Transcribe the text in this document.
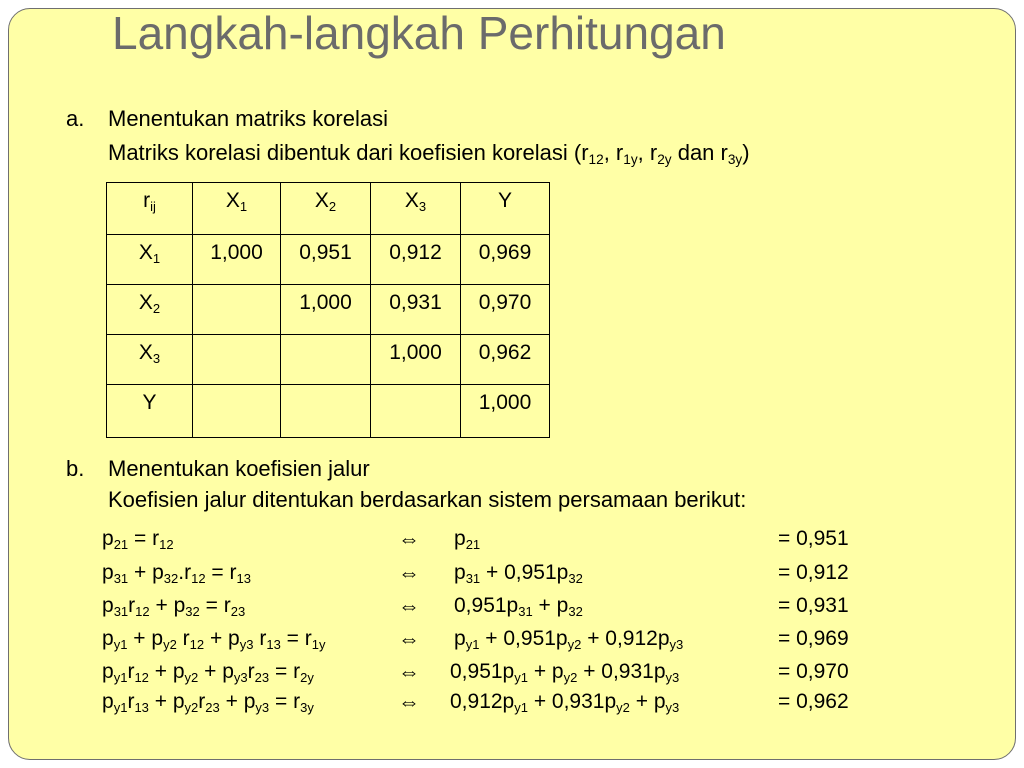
Langkah-langkah Perhitungan
a. Menentukan matriks korelasi
Matriks korelasi dibentuk dari koefisien korelasi ($r_{12}$, $r_{1y}$, $r_{2y}$ dan $r_{3y}$)
$r_{ij}$	$X_1$	$X_2$	$X_3$	Y
$X_1$	1,000	0,951	0,912	0,969
$X_2$		1,000	0,931	0,970
$X_3$			1,000	0,962
Y				1,000
b. Menentukan koefisien jalur
Koefisien jalur ditentukan berdasarkan sistem persamaan berikut:
$p_{21} = r_{12}$	⇔ $p_{21}$	= 0,951
$p_{31} + p_{32}.r_{12} = r_{13}$	⇔ $p_{31} + 0,951p_{32}$	= 0,912
$p_{31}r_{12} + p_{32} = r_{23}$	⇔ $0,951p_{31} + p_{32}$	= 0,931
$p_{y1} + p_{y2}$ $r_{12} + p_{y3}$ $r_{13} = r_{1y}$	⇔ $p_{y1} + 0,951p_{y2} + 0,912p_{y3}$	= 0,969
$p_{y1}r_{12} + p_{y2} + p_{y3}r_{23} = r_{2y}$	⇔ $0,951p_{y1} + p_{y2} + 0,931p_{y3}$	= 0,970
$p_{y1}r_{13} + p_{y2}r_{23} + p_{y3} = r_{3y}$	⇔ $0,912p_{y1} + 0,931p_{y2} + p_{y3}$	= 0,962
